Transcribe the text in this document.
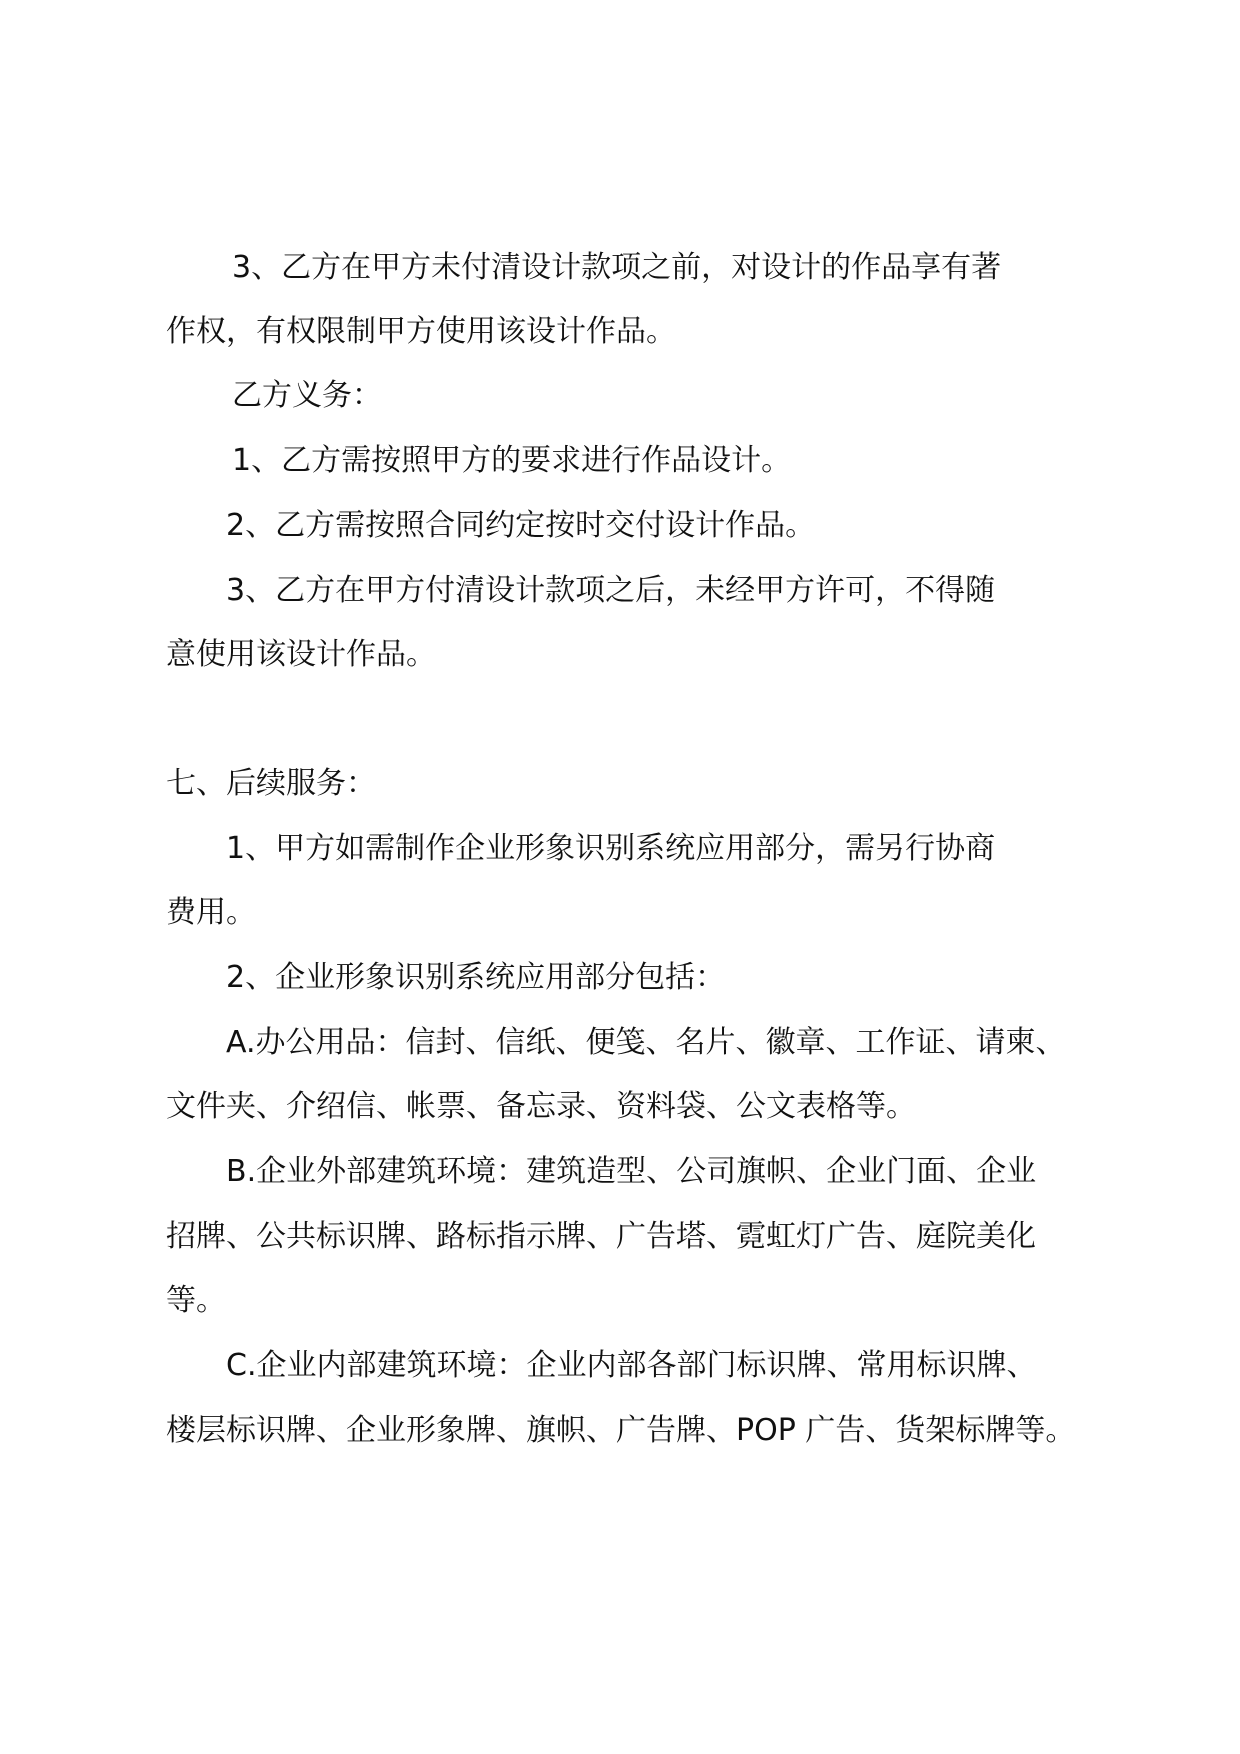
3、乙方在甲方未付清设计款项之前，对设计的作品享有著
作权，有权限制甲方使用该设计作品。
乙方义务：
1、乙方需按照甲方的要求进行作品设计。
2、乙方需按照合同约定按时交付设计作品。
3、乙方在甲方付清设计款项之后，未经甲方许可，不得随
意使用该设计作品。
七、后续服务：
1、甲方如需制作企业形象识别系统应用部分，需另行协商
费用。
2、企业形象识别系统应用部分包括：
A.办公用品：信封、信纸、便笺、名片、徽章、工作证、请柬、
文件夹、介绍信、帐票、备忘录、资料袋、公文表格等。
B.企业外部建筑环境：建筑造型、公司旗帜、企业门面、企业
招牌、公共标识牌、路标指示牌、广告塔、霓虹灯广告、庭院美化
等。
C.企业内部建筑环境：企业内部各部门标识牌、常用标识牌、
楼层标识牌、企业形象牌、旗帜、广告牌、POP 广告、货架标牌等。
